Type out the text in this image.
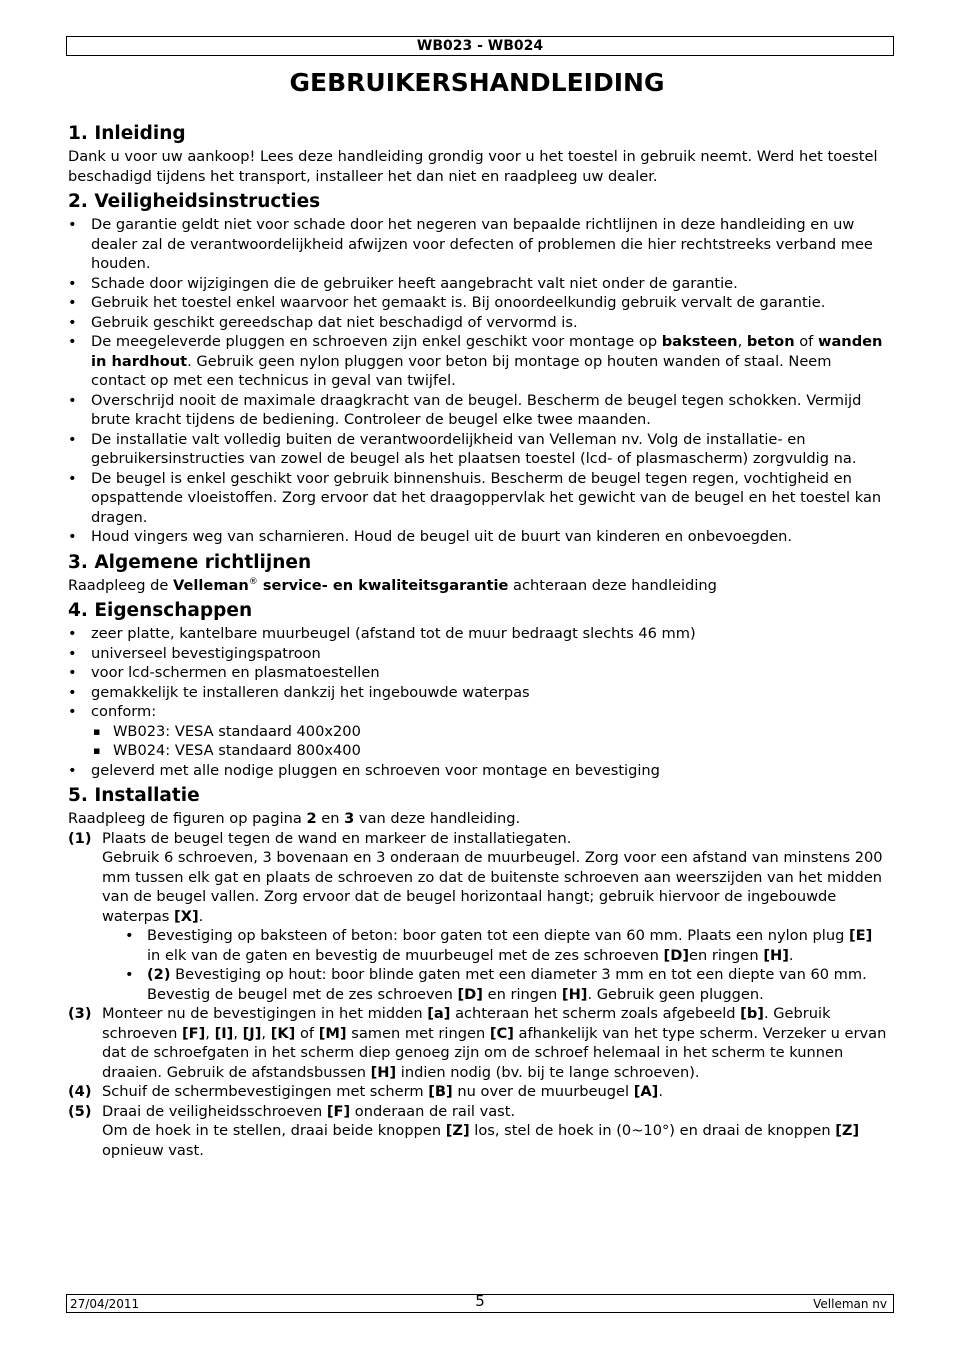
WB023 - WB024
GEBRUIKERSHANDLEIDING
1. Inleiding

Dank u voor uw aankoop! Lees deze handleiding grondig voor u het toestel in gebruik neemt. Werd het toestel beschadigd tijdens het transport, installeer het dan niet en raadpleeg uw dealer.

2. Veiligheidsinstructies
• De garantie geldt niet voor schade door het negeren van bepaalde richtlijnen in deze handleiding en uw dealer zal de verantwoordelijkheid afwijzen voor defecten of problemen die hier rechtstreeks verband mee houden.
• Schade door wijzigingen die de gebruiker heeft aangebracht valt niet onder de garantie.
• Gebruik het toestel enkel waarvoor het gemaakt is. Bij onoordeelkundig gebruik vervalt de garantie.
• Gebruik geschikt gereedschap dat niet beschadigd of vervormd is.
• De meegeleverde pluggen en schroeven zijn enkel geschikt voor montage op baksteen, beton of wanden in hardhout. Gebruik geen nylon pluggen voor beton bij montage op houten wanden of staal. Neem contact op met een technicus in geval van twijfel.
• Overschrijd nooit de maximale draagkracht van de beugel. Bescherm de beugel tegen schokken. Vermijd brute kracht tijdens de bediening. Controleer de beugel elke twee maanden.
• De installatie valt volledig buiten de verantwoordelijkheid van Velleman nv. Volg de installatie- en gebruikersinstructies van zowel de beugel als het plaatsen toestel (lcd- of plasmascherm) zorgvuldig na.
• De beugel is enkel geschikt voor gebruik binnenshuis. Bescherm de beugel tegen regen, vochtigheid en opspattende vloeistoffen. Zorg ervoor dat het draagoppervlak het gewicht van de beugel en het toestel kan dragen.
• Houd vingers weg van scharnieren. Houd de beugel uit de buurt van kinderen en onbevoegden.
3. Algemene richtlijnen

Raadpleeg de Velleman® service- en kwaliteitsgarantie achteraan deze handleiding

4. Eigenschappen
• zeer platte, kantelbare muurbeugel (afstand tot de muur bedraagt slechts 46 mm)
• universeel bevestigingspatroon
• voor lcd-schermen en plasmatoestellen
• gemakkelijk te installeren dankzij het ingebouwde waterpas
• conform:
▪ WB023: VESA standaard 400x200
▪ WB024: VESA standaard 800x400
• geleverd met alle nodige pluggen en schroeven voor montage en bevestiging
5. Installatie

Raadpleeg de figuren op pagina 2 en 3 van deze handleiding.

(1) Plaats de beugel tegen de wand en markeer de installatiegaten.
Gebruik 6 schroeven, 3 bovenaan en 3 onderaan de muurbeugel. Zorg voor een afstand van minstens 200 mm tussen elk gat en plaats de schroeven zo dat de buitenste schroeven aan weerszijden van het midden van de beugel vallen. Zorg ervoor dat de beugel horizontaal hangt; gebruik hiervoor de ingebouwde waterpas [X].
• Bevestiging op baksteen of beton: boor gaten tot een diepte van 60 mm. Plaats een nylon plug [E] in elk van de gaten en bevestig de muurbeugel met de zes schroeven [D]en ringen [H].
• (2) Bevestiging op hout: boor blinde gaten met een diameter 3 mm en tot een diepte van 60 mm. Bevestig de beugel met de zes schroeven [D] en ringen [H]. Gebruik geen pluggen.
(3) Monteer nu de bevestigingen in het midden [a] achteraan het scherm zoals afgebeeld [b]. Gebruik schroeven [F], [I], [J], [K] of [M] samen met ringen [C] afhankelijk van het type scherm. Verzeker u ervan dat de schroefgaten in het scherm diep genoeg zijn om de schroef helemaal in het scherm te kunnen draaien. Gebruik de afstandsbussen [H] indien nodig (bv. bij te lange schroeven).
(4) Schuif de schermbevestigingen met scherm [B] nu over de muurbeugel [A].
(5) Draai de veiligheidsschroeven [F] onderaan de rail vast.
Om de hoek in te stellen, draai beide knoppen [Z] los, stel de hoek in (0~10°) en draai de knoppen [Z] opnieuw vast.
27/04/2011	5	Velleman nv
